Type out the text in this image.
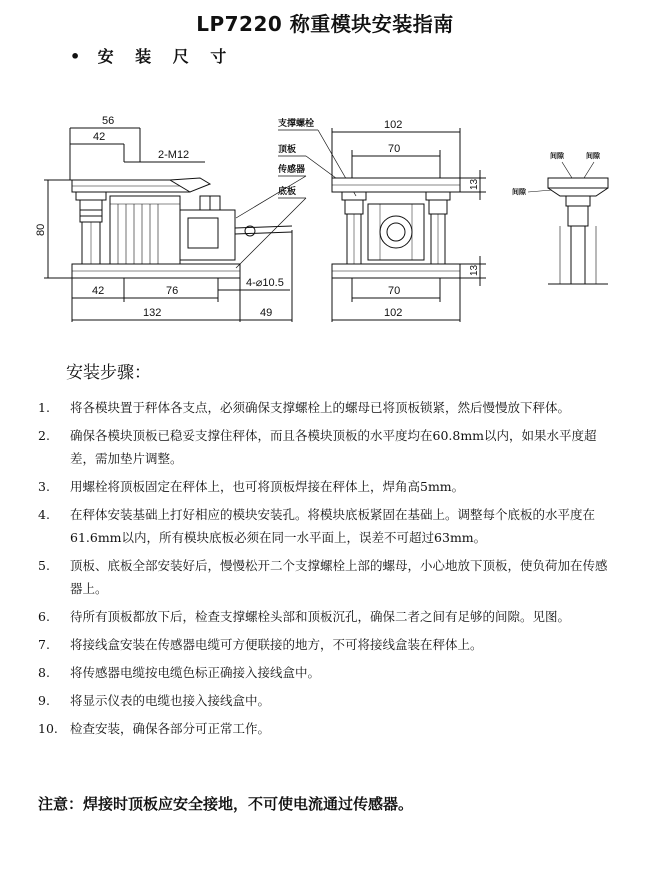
LP7220 称重模块安装指南
• 安 装 尺 寸
56
42
2-M12
80
42	76
4-⌀10.5
132	49
支撑螺栓
顶板
传感器
底板
102
70
13
13
70
102
间隙	间隙
间隙
安装步骤：
1.	将各模块置于秤体各支点，必须确保支撑螺栓上的螺母已将顶板锁紧，然后慢慢放下秤体。
2.	确保各模块顶板已稳妥支撑住秤体，而且各模块顶板的水平度均在60.8mm以内，如果水平度超差，需加垫片调整。
3.	用螺栓将顶板固定在秤体上，也可将顶板焊接在秤体上，焊角高5mm。
4.	在秤体安装基础上打好相应的模块安装孔。将模块底板紧固在基础上。调整每个底板的水平度在61.6mm以内，所有模块底板必须在同一水平面上，误差不可超过63mm。
5.	顶板、底板全部安装好后，慢慢松开二个支撑螺栓上部的螺母，小心地放下顶板，使负荷加在传感器上。
6.	待所有顶板都放下后，检查支撑螺栓头部和顶板沉孔，确保二者之间有足够的间隙。见图。
7.	将接线盒安装在传感器电缆可方便联接的地方，不可将接线盒装在秤体上。
8.	将传感器电缆按电缆色标正确接入接线盒中。
9.	将显示仪表的电缆也接入接线盒中。
10. 检查安装，确保各部分可正常工作。
注意：焊接时顶板应安全接地，不可使电流通过传感器。
